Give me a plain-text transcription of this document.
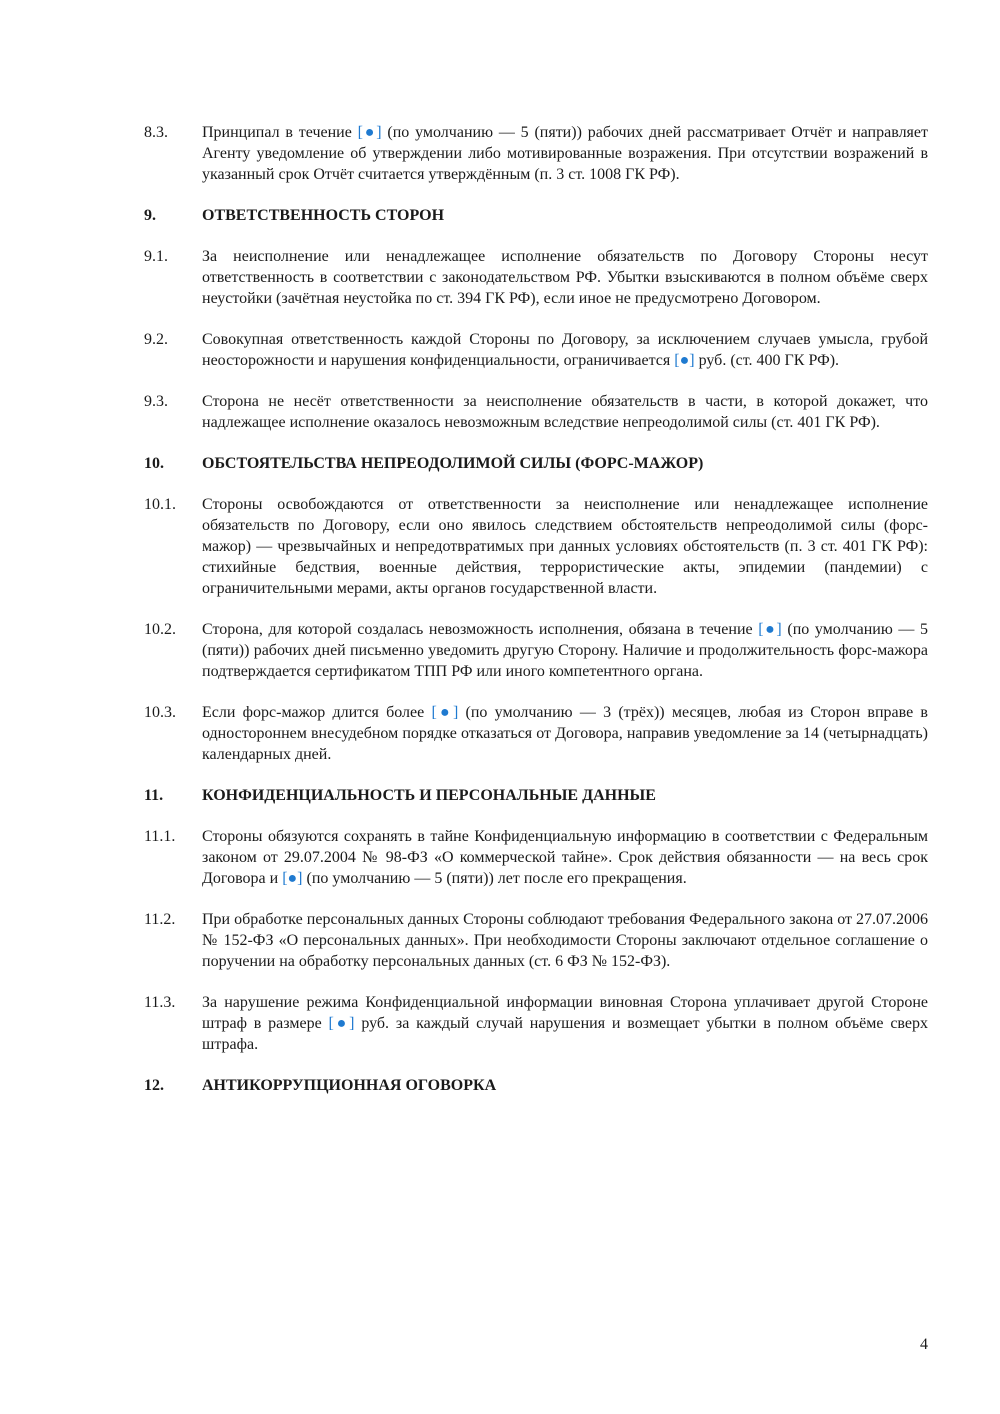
8.3. Принципал в течение [●] (по умолчанию — 5 (пяти)) рабочих дней рассматривает Отчёт и направляет Агенту уведомление об утверждении либо мотивированные возражения. При отсутствии возражений в указанный срок Отчёт считается утверждённым (п. 3 ст. 1008 ГК РФ).
9.	ОТВЕТСТВЕННОСТЬ СТОРОН
9.1. За неисполнение или ненадлежащее исполнение обязательств по Договору Стороны несут ответственность в соответствии с законодательством РФ. Убытки взыскиваются в полном объёме сверх неустойки (зачётная неустойка по ст. 394 ГК РФ), если иное не предусмотрено Договором.
9.2. Совокупная ответственность каждой Стороны по Договору, за исключением случаев умысла, грубой неосторожности и нарушения конфиденциальности, ограничивается [●] руб. (ст. 400 ГК РФ).
9.3. Сторона не несёт ответственности за неисполнение обязательств в части, в которой докажет, что надлежащее исполнение оказалось невозможным вследствие непреодолимой силы (ст. 401 ГК РФ).
10. ОБСТОЯТЕЛЬСТВА НЕПРЕОДОЛИМОЙ СИЛЫ (ФОРС-МАЖОР)
10.1. Стороны освобождаются от ответственности за неисполнение или ненадлежащее исполнение обязательств по Договору, если оно явилось следствием обстоятельств непреодолимой силы (форс-мажор) — чрезвычайных и непредотвратимых при данных условиях обстоятельств (п. 3 ст. 401 ГК РФ): стихийные бедствия, военные действия, террористические акты, эпидемии (пандемии) с ограничительными мерами, акты органов государственной власти.
10.2. Сторона, для которой создалась невозможность исполнения, обязана в течение [●] (по умолчанию — 5 (пяти)) рабочих дней письменно уведомить другую Сторону. Наличие и продолжительность форс-мажора подтверждается сертификатом ТПП РФ или иного компетентного органа.
10.3. Если форс-мажор длится более [●] (по умолчанию — 3 (трёх)) месяцев, любая из Сторон вправе в одностороннем внесудебном порядке отказаться от Договора, направив уведомление за 14 (четырнадцать) календарных дней.
11. КОНФИДЕНЦИАЛЬНОСТЬ И ПЕРСОНАЛЬНЫЕ ДАННЫЕ
11.1. Стороны обязуются сохранять в тайне Конфиденциальную информацию в соответствии с Федеральным законом от 29.07.2004 № 98-ФЗ «О коммерческой тайне». Срок действия обязанности — на весь срок Договора и [●] (по умолчанию — 5 (пяти)) лет после его прекращения.
11.2. При обработке персональных данных Стороны соблюдают требования Федерального закона от 27.07.2006 № 152-ФЗ «О персональных данных». При необходимости Стороны заключают отдельное соглашение о поручении на обработку персональных данных (ст. 6 ФЗ № 152-ФЗ).
11.3. За нарушение режима Конфиденциальной информации виновная Сторона уплачивает другой Стороне штраф в размере [●] руб. за каждый случай нарушения и возмещает убытки в полном объёме сверх штрафа.
12. АНТИКОРРУПЦИОННАЯ ОГОВОРКА
4
